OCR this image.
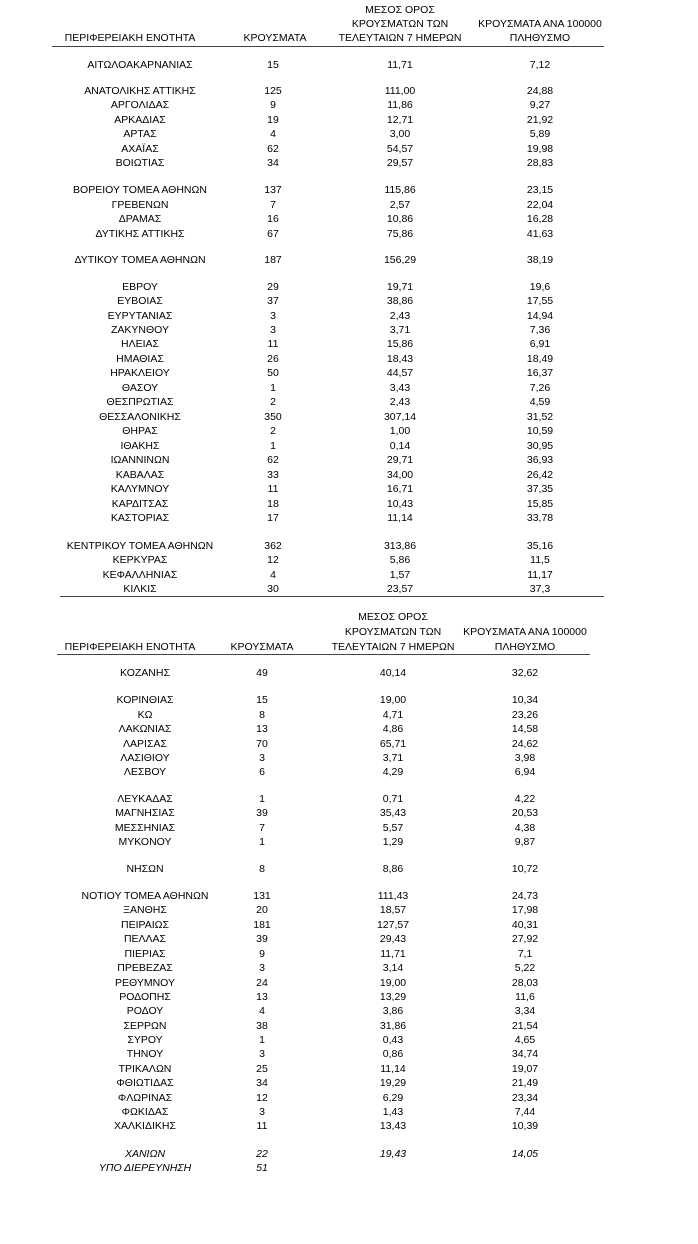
ΠΕΡΙΦΕΡΕΙΑΚΗ ΕΝΟΤΗΤΑ	ΚΡΟΥΣΜΑΤΑ
ΜΕΣΟΣ ΟΡΟΣ
ΚΡΟΥΣΜΑΤΩΝ ΤΩΝ
ΤΕΛΕΥΤΑΙΩΝ 7 ΗΜΕΡΩΝ
ΚΡΟΥΣΜΑΤΑ ΑΝΑ 100000
ΠΛΗΘΥΣΜΟ
ΑΙΤΩΛΟΑΚΑΡΝΑΝΙΑΣ	15	11,71	7,12
ΑΝΑΤΟΛΙΚΗΣ ΑΤΤΙΚΗΣ	125	111,00	24,88
ΑΡΓΟΛΙΔΑΣ	9	11,86	9,27
ΑΡΚΑΔΙΑΣ	19	12,71	21,92
ΑΡΤΑΣ	4	3,00	5,89
ΑΧΑΪΑΣ	62	54,57	19,98
ΒΟΙΩΤΙΑΣ	34	29,57	28,83
ΒΟΡΕΙΟΥ ΤΟΜΕΑ ΑΘΗΝΩΝ	137	115,86	23,15
ΓΡΕΒΕΝΩΝ	7	2,57	22,04
ΔΡΑΜΑΣ	16	10,86	16,28
ΔΥΤΙΚΗΣ ΑΤΤΙΚΗΣ	67	75,86	41,63
ΔΥΤΙΚΟΥ ΤΟΜΕΑ ΑΘΗΝΩΝ	187	156,29	38,19
ΕΒΡΟΥ	29	19,71	19,6
ΕΥΒΟΙΑΣ	37	38,86	17,55
ΕΥΡΥΤΑΝΙΑΣ	3	2,43	14,94
ΖΑΚΥΝΘΟΥ	3	3,71	7,36
ΗΛΕΙΑΣ	11	15,86	6,91
ΗΜΑΘΙΑΣ	26	18,43	18,49
ΗΡΑΚΛΕΙΟΥ	50	44,57	16,37
ΘΑΣΟΥ	1	3,43	7,26
ΘΕΣΠΡΩΤΙΑΣ	2	2,43	4,59
ΘΕΣΣΑΛΟΝΙΚΗΣ	350	307,14	31,52
ΘΗΡΑΣ	2	1,00	10,59
ΙΘΑΚΗΣ	1	0,14	30,95
ΙΩΑΝΝΙΝΩΝ	62	29,71	36,93
ΚΑΒΑΛΑΣ	33	34,00	26,42
ΚΑΛΥΜΝΟΥ	11	16,71	37,35
ΚΑΡΔΙΤΣΑΣ	18	10,43	15,85
ΚΑΣΤΟΡΙΑΣ	17	11,14	33,78
ΚΕΝΤΡΙΚΟΥ ΤΟΜΕΑ ΑΘΗΝΩΝ	362	313,86	35,16
ΚΕΡΚΥΡΑΣ	12	5,86	11,5
ΚΕΦΑΛΛΗΝΙΑΣ	4	1,57	11,17
ΚΙΛΚΙΣ	30	23,57	37,3
ΠΕΡΙΦΕΡΕΙΑΚΗ ΕΝΟΤΗΤΑ	ΚΡΟΥΣΜΑΤΑ
ΜΕΣΟΣ ΟΡΟΣ
ΚΡΟΥΣΜΑΤΩΝ ΤΩΝ
ΤΕΛΕΥΤΑΙΩΝ 7 ΗΜΕΡΩΝ
ΚΡΟΥΣΜΑΤΑ ΑΝΑ 100000
ΠΛΗΘΥΣΜΟ
ΚΟΖΑΝΗΣ	49	40,14	32,62
ΚΟΡΙΝΘΙΑΣ	15	19,00	10,34
ΚΩ	8	4,71	23,26
ΛΑΚΩΝΙΑΣ	13	4,86	14,58
ΛΑΡΙΣΑΣ	70	65,71	24,62
ΛΑΣΙΘΙΟΥ	3	3,71	3,98
ΛΕΣΒΟΥ	6	4,29	6,94
ΛΕΥΚΑΔΑΣ	1	0,71	4,22
ΜΑΓΝΗΣΙΑΣ	39	35,43	20,53
ΜΕΣΣΗΝΙΑΣ	7	5,57	4,38
ΜΥΚΟΝΟΥ	1	1,29	9,87
ΝΗΣΩΝ	8	8,86	10,72
ΝΟΤΙΟΥ ΤΟΜΕΑ ΑΘΗΝΩΝ	131	111,43	24,73
ΞΑΝΘΗΣ	20	18,57	17,98
ΠΕΙΡΑΙΩΣ	181	127,57	40,31
ΠΕΛΛΑΣ	39	29,43	27,92
ΠΙΕΡΙΑΣ	9	11,71	7,1
ΠΡΕΒΕΖΑΣ	3	3,14	5,22
ΡΕΘΥΜΝΟΥ	24	19,00	28,03
ΡΟΔΟΠΗΣ	13	13,29	11,6
ΡΟΔΟΥ	4	3,86	3,34
ΣΕΡΡΩΝ	38	31,86	21,54
ΣΥΡΟΥ	1	0,43	4,65
ΤΗΝΟΥ	3	0,86	34,74
ΤΡΙΚΑΛΩΝ	25	11,14	19,07
ΦΘΙΩΤΙΔΑΣ	34	19,29	21,49
ΦΛΩΡΙΝΑΣ	12	6,29	23,34
ΦΩΚΙΔΑΣ	3	1,43	7,44
ΧΑΛΚΙΔΙΚΗΣ	11	13,43	10,39
ΧΑΝΙΩΝ	22	19,43	14,05
ΥΠΟ ΔΙΕΡΕΥΝΗΣΗ	51
